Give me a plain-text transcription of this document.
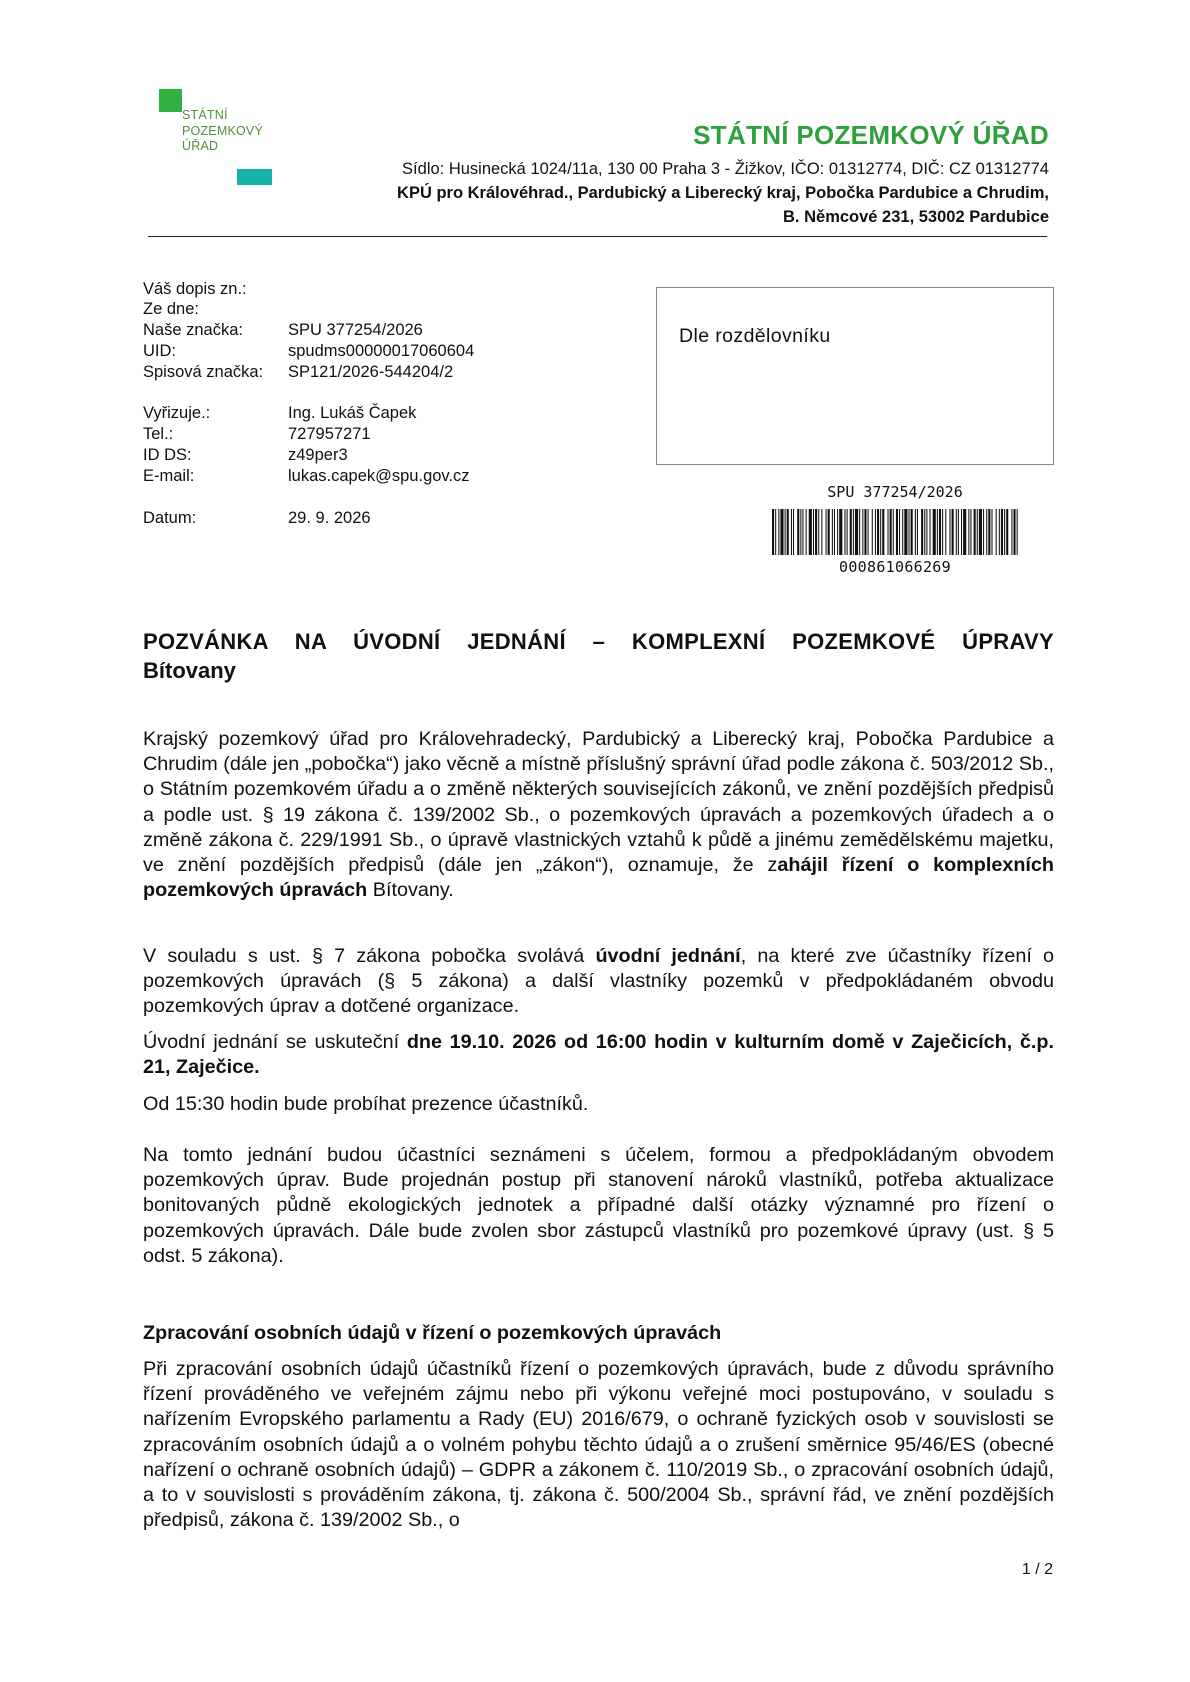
STÁTNÍ
POZEMKOVÝ
ÚŘAD	STÁTNÍ POZEMKOVÝ ÚŘAD
Sídlo: Husinecká 1024/11a, 130 00 Praha 3 - Žižkov, IČO: 01312774, DIČ: CZ 01312774
KPÚ pro Královéhrad., Pardubický a Liberecký kraj, Pobočka Pardubice a Chrudim,
B. Němcové 231, 53002 Pardubice
Váš dopis zn.:
Ze dne:
Naše značka:	SPU 377254/2026
UID:	spudms00000017060604
Spisová značka: SP121/2026-544204/2
Vyřizuje.:	Ing. Lukáš Čapek
Tel.:	727957271
ID DS:	z49per3
E-mail:	lukas.capek@spu.gov.cz
Datum:	29. 9. 2026
Dle rozdělovníku
SPU 377254/2026
000861066269
POZVÁNKA NA ÚVODNÍ JEDNÁNÍ – KOMPLEXNÍ POZEMKOVÉ ÚPRAVY
Bítovany
Krajský pozemkový úřad pro Královehradecký, Pardubický a Liberecký kraj, Pobočka Pardubice a Chrudim (dále jen „pobočka“) jako věcně a místně příslušný správní úřad podle zákona č. 503/2012 Sb., o Státním pozemkovém úřadu a o změně některých souvisejících zákonů, ve znění pozdějších předpisů a podle ust. § 19 zákona č. 139/2002 Sb., o pozemkových úpravách a pozemkových úřadech a o změně zákona č. 229/1991 Sb., o úpravě vlastnických vztahů k půdě a jinému zemědělskému majetku, ve znění pozdějších předpisů (dále jen „zákon“), oznamuje, že zahájil řízení o komplexních pozemkových úpravách Bítovany.
V souladu s ust. § 7 zákona pobočka svolává úvodní jednání, na které zve účastníky řízení o pozemkových úpravách (§ 5 zákona) a další vlastníky pozemků v předpokládaném obvodu pozemkových úprav a dotčené organizace.
Úvodní jednání se uskuteční dne 19.10. 2026 od 16:00 hodin v kulturním domě v Zaječicích, č.p. 21, Zaječice.
Od 15:30 hodin bude probíhat prezence účastníků.
Na tomto jednání budou účastníci seznámeni s účelem, formou a předpokládaným obvodem pozemkových úprav. Bude projednán postup při stanovení nároků vlastníků, potřeba aktualizace bonitovaných půdně ekologických jednotek a případné další otázky významné pro řízení o pozemkových úpravách. Dále bude zvolen sbor zástupců vlastníků pro pozemkové úpravy (ust. § 5 odst. 5 zákona).
Zpracování osobních údajů v řízení o pozemkových úpravách
Při zpracování osobních údajů účastníků řízení o pozemkových úpravách, bude z důvodu správního řízení prováděného ve veřejném zájmu nebo při výkonu veřejné moci postupováno, v souladu s nařízením Evropského parlamentu a Rady (EU) 2016/679, o ochraně fyzických osob v souvislosti se zpracováním osobních údajů a o volném pohybu těchto údajů a o zrušení směrnice 95/46/ES (obecné nařízení o ochraně osobních údajů) – GDPR a zákonem č. 110/2019 Sb., o zpracování osobních údajů, a to v souvislosti s prováděním zákona, tj. zákona č. 500/2004 Sb., správní řád, ve znění pozdějších předpisů, zákona č. 139/2002 Sb., o
1 / 2
